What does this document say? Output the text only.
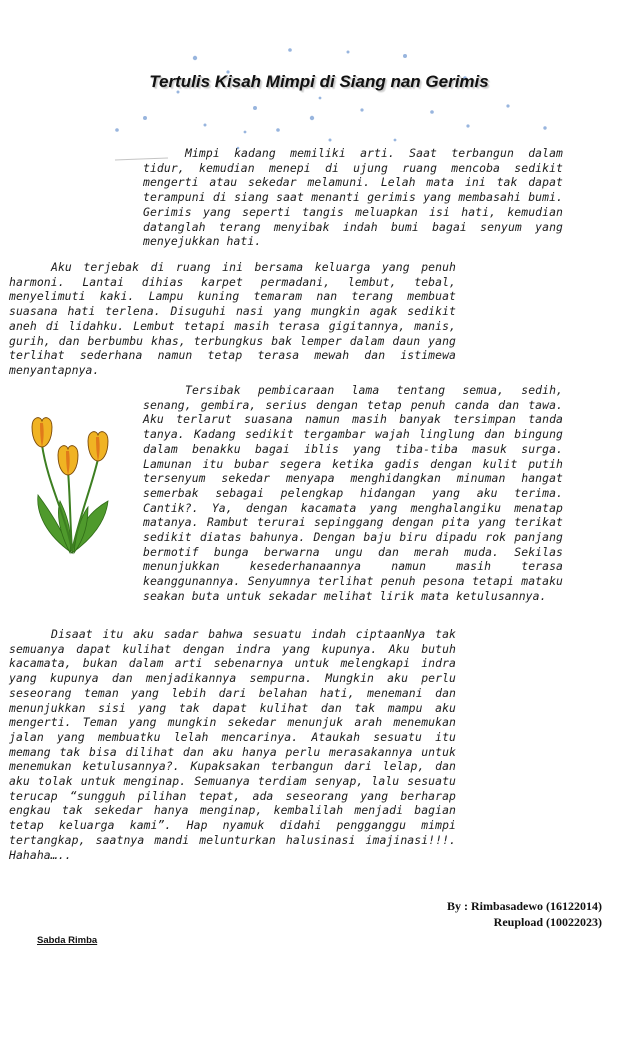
Tertulis Kisah Mimpi di Siang nan Gerimis

Mimpi kadang memiliki arti. Saat terbangun dalam tidur, kemudian menepi di ujung ruang mencoba sedikit mengerti atau sekedar melamuni. Lelah mata ini tak dapat terampuni di siang saat menanti gerimis yang membasahi bumi. Gerimis yang seperti tangis meluapkan isi hati, kemudian datanglah terang menyibak indah bumi bagai senyum yang menyejukkan hati.

Aku terjebak di ruang ini bersama keluarga yang penuh harmoni. Lantai dihias karpet permadani, lembut, tebal, menyelimuti kaki. Lampu kuning temaram nan terang membuat suasana hati terlena. Disuguhi nasi yang mungkin agak sedikit aneh di lidahku. Lembut tetapi masih terasa gigitannya, manis, gurih, dan berbumbu khas, terbungkus bak lemper dalam daun yang terlihat sederhana namun tetap terasa mewah dan istimewa menyantapnya.

Tersibak pembicaraan lama tentang semua, sedih, senang, gembira, serius dengan tetap penuh canda dan tawa. Aku terlarut suasana namun masih banyak tersimpan tanda tanya. Kadang sedikit tergambar wajah linglung dan bingung dalam benakku bagai iblis yang tiba-tiba masuk surga. Lamunan itu bubar segera ketika gadis dengan kulit putih tersenyum sekedar menyapa menghidangkan minuman hangat semerbak sebagai pelengkap hidangan yang aku terima. Cantik?. Ya, dengan kacamata yang menghalangiku menatap matanya. Rambut terurai sepinggang dengan pita yang terikat sedikit diatas bahunya. Dengan baju biru dipadu rok panjang bermotif bunga berwarna ungu dan merah muda. Sekilas menunjukkan kesederhanaannya namun masih terasa keanggunannya. Senyumnya terlihat penuh pesona tetapi mataku seakan buta untuk sekadar melihat lirik mata ketulusannya.

Disaat itu aku sadar bahwa sesuatu indah ciptaanNya tak semuanya dapat kulihat dengan indra yang kupunya. Aku butuh kacamata, bukan dalam arti sebenarnya untuk melengkapi indra yang kupunya dan menjadikannya sempurna. Mungkin aku perlu seseorang teman yang lebih dari belahan hati, menemani dan menunjukkan sisi yang tak dapat kulihat dan tak mampu aku mengerti. Teman yang mungkin sekedar menunjuk arah menemukan jalan yang membuatku lelah mencarinya. Ataukah sesuatu itu memang tak bisa dilihat dan aku hanya perlu merasakannya untuk menemukan ketulusannya?. Kupaksakan terbangun dari lelap, dan aku tolak untuk menginap. Semuanya terdiam senyap, lalu sesuatu terucap “sungguh pilihan tepat, ada seseorang yang berharap engkau tak sekedar hanya menginap, kembalilah menjadi bagian tetap keluarga kami”. Hap nyamuk didahi pengganggu mimpi tertangkap, saatnya mandi melunturkan halusinasi imajinasi!!!. Hahaha…..

By : Rimbasadewo (16122014)
Reupload (10022023)
Sabda Rimba
